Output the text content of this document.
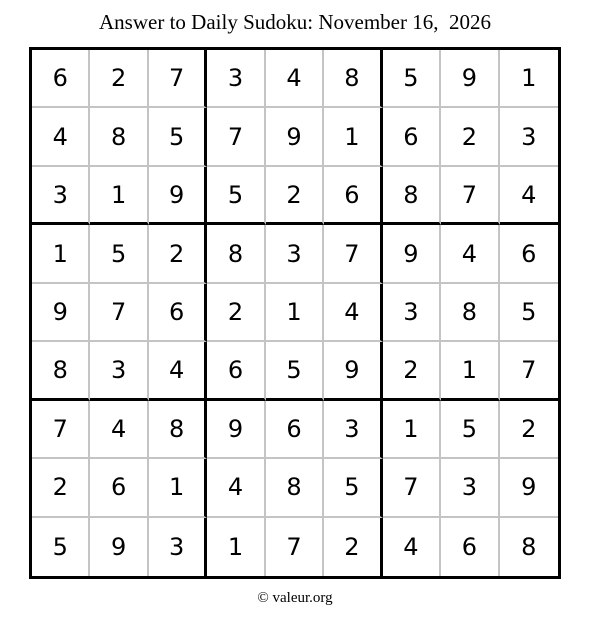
Answer to Daily Sudoku: November 16,  2026
6	2	7	3	4	8	5	9	1
4	8	5	7	9	1	6	2	3
3	1	9	5	2	6	8	7	4
1	5	2	8	3	7	9	4	6
9	7	6	2	1	4	3	8	5
8	3	4	6	5	9	2	1	7
7	4	8	9	6	3	1	5	2
2	6	1	4	8	5	7	3	9
5	9	3	1	7	2	4	6	8
© valeur.org
